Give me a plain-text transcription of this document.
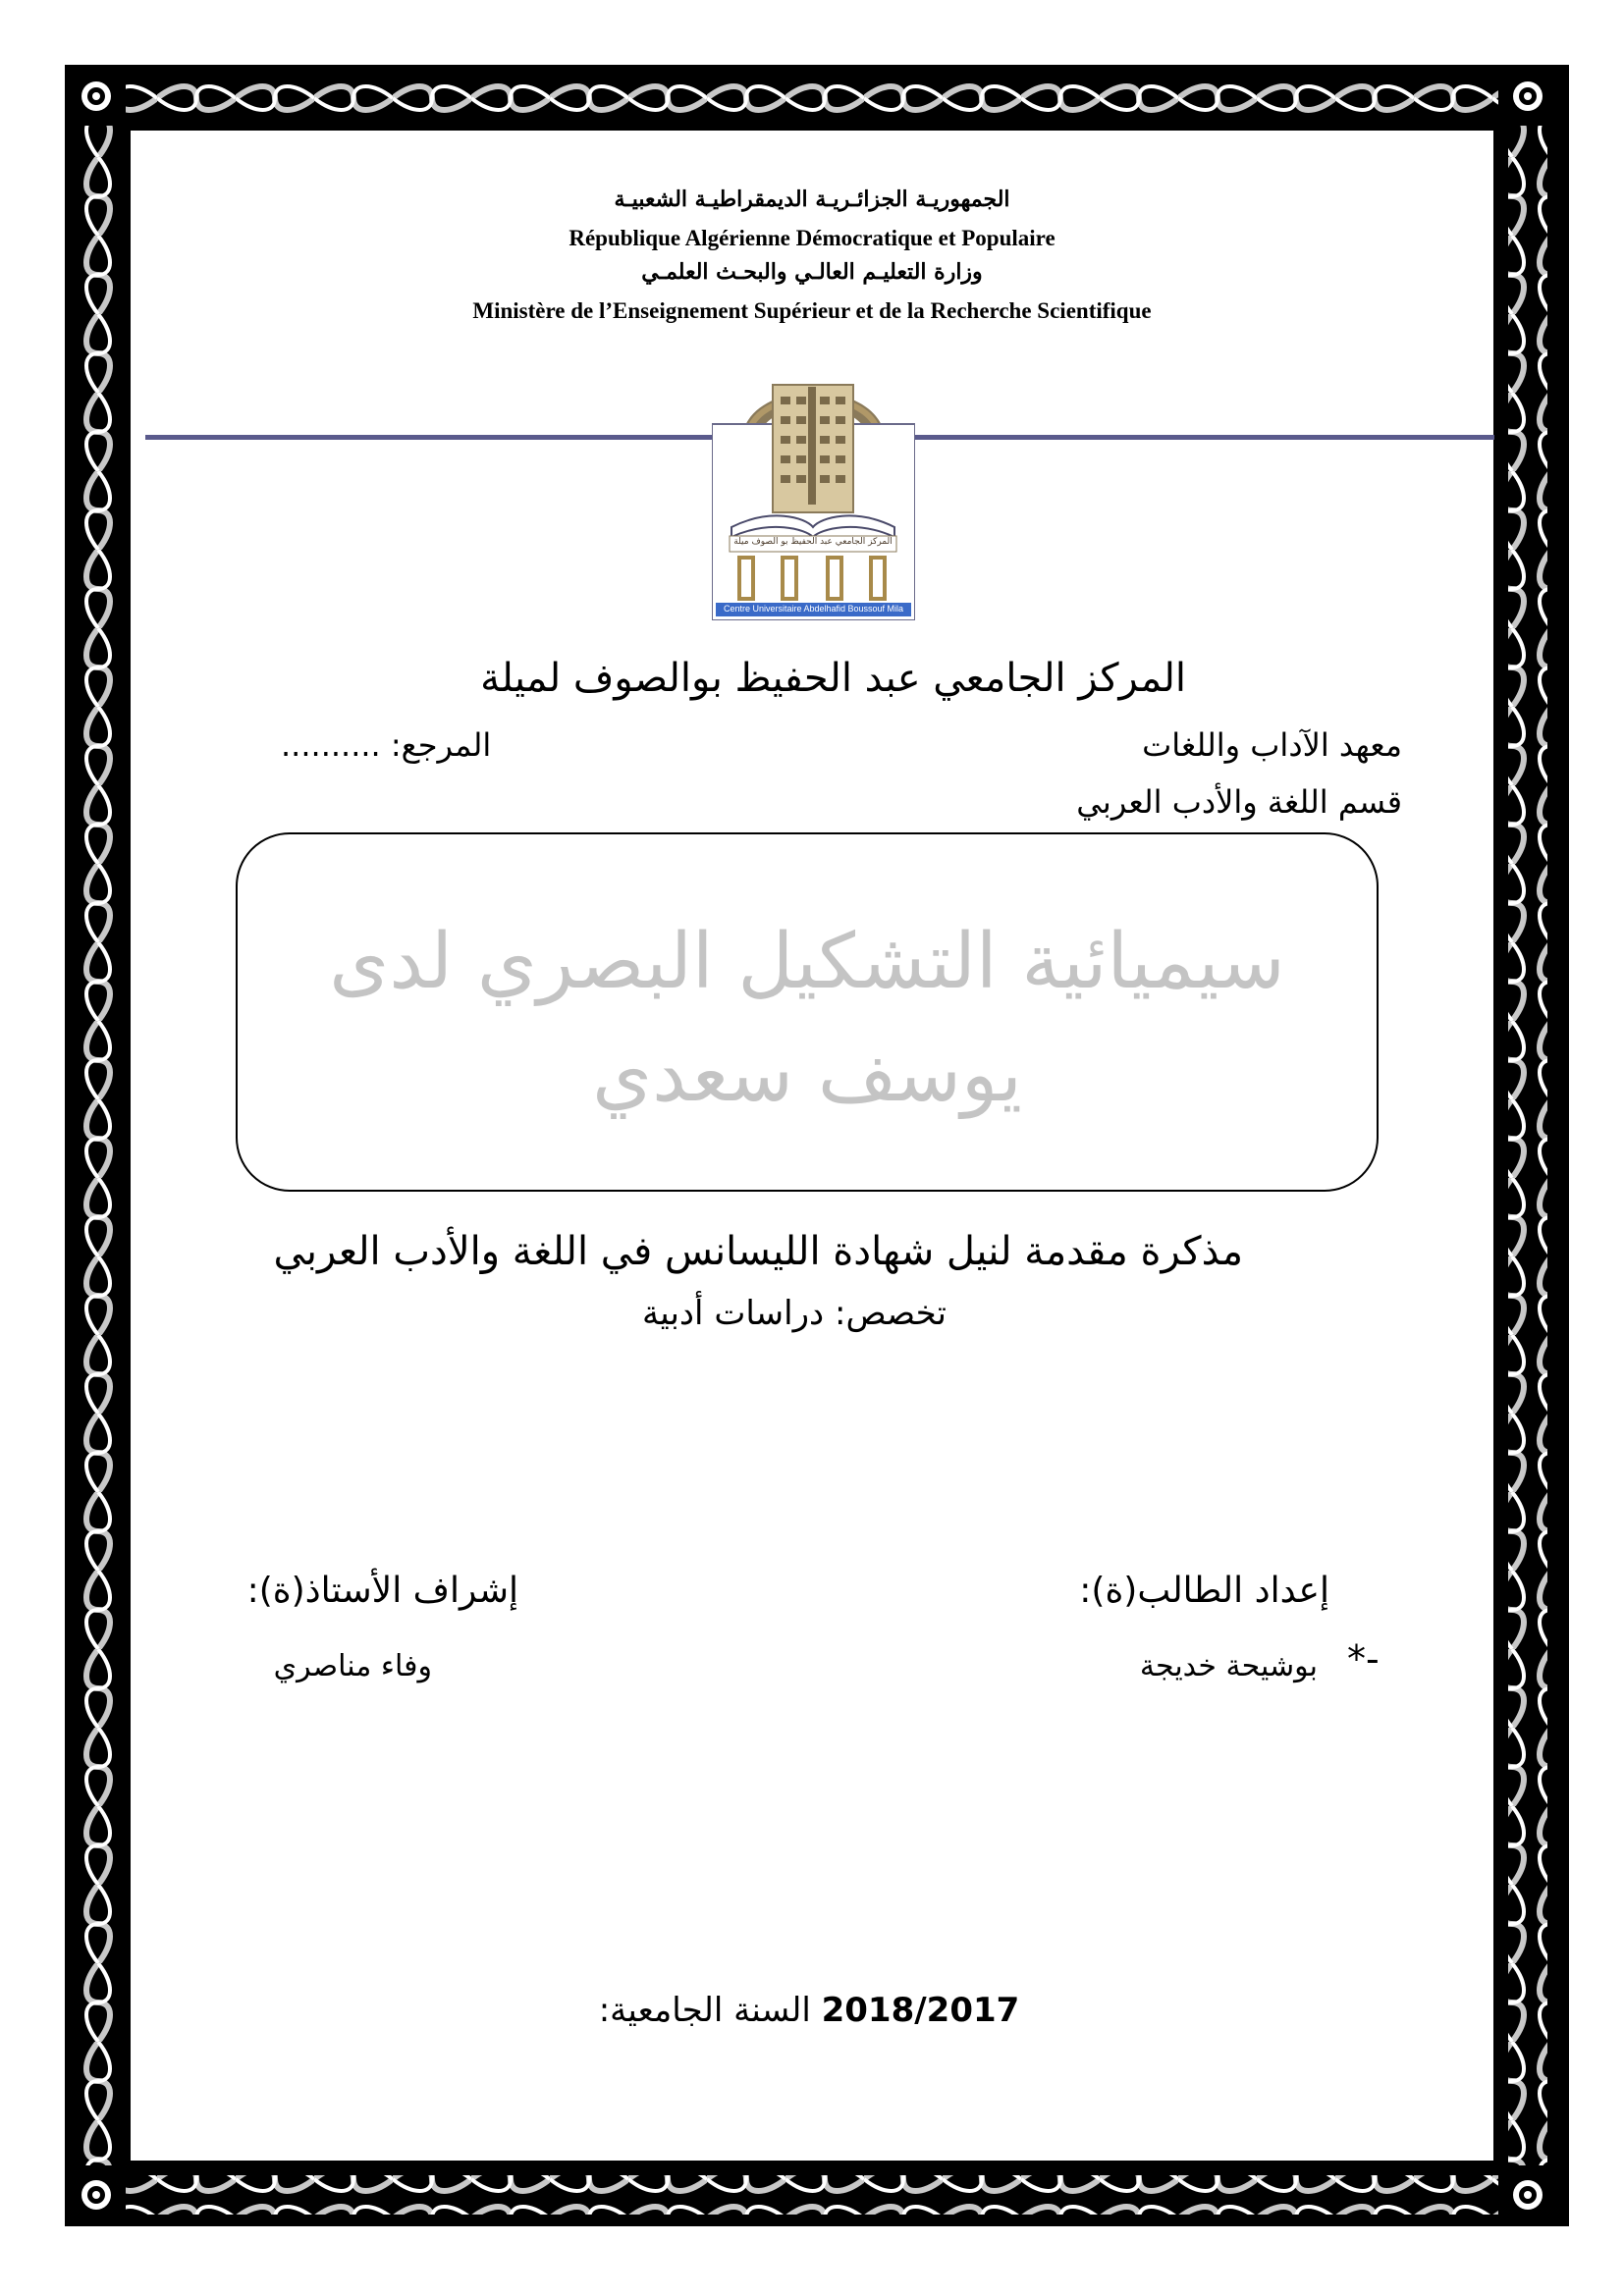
الجمهوريـة الجزائـريـة الديمقراطيـة الشعبيـة
République Algérienne Démocratique et Populaire
وزارة التعليـم العالـي والبحـث العلمـي
Ministère de l’Enseignement Supérieur et de la Recherche Scientifique
المركز الجامعي عبد الحفيظ بو الصوف ميلة
Centre Universitaire Abdelhafid Boussouf Mila
المركز الجامعي عبد الحفيظ بوالصوف لميلة
معهد الآداب واللغات
المرجع: ..........
قسم اللغة والأدب العربي
سيميائية التشكيل البصري لدى
يوسف سعدي
مذكرة مقدمة لنيل شهادة الليسانس في اللغة والأدب العربي
تخصص: دراسات أدبية
إعداد الطالب(ة):
بوشيحة خديجة *-
إشراف الأستاذ(ة):
وفاء مناصري
السنة الجامعية: 2018/2017
